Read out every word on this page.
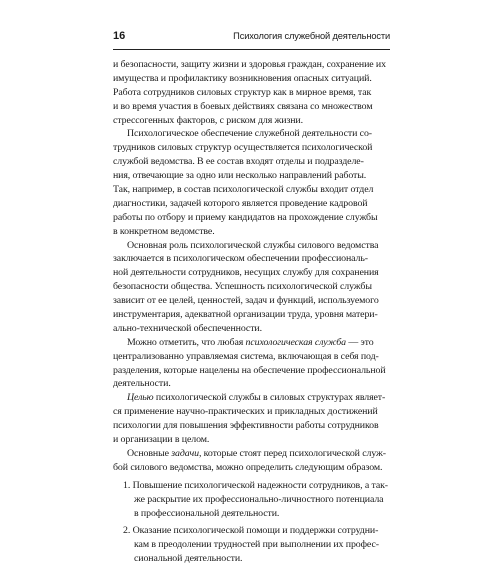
16	Психология служебной деятельности
и безопасности, защиту жизни и здоровья граждан, сохранение их
имущества и профилактику возникновения опасных ситуаций.
Работа сотрудников силовых структур как в мирное время, так
и во время участия в боевых действиях связана со множеством
стрессогенных факторов, с риском для жизни.
Психологическое обеспечение служебной деятельности со-
трудников силовых структур осуществляется психологической
службой ведомства. В ее состав входят отделы и подразделе-
ния, отвечающие за одно или несколько направлений работы.
Так, например, в состав психологической службы входит отдел
диагностики, задачей которого является проведение кадровой
работы по отбору и приему кандидатов на прохождение службы
в конкретном ведомстве.
Основная роль психологической службы силового ведомства
заключается в психологическом обеспечении профессиональ-
ной деятельности сотрудников, несущих службу для сохранения
безопасности общества. Успешность психологической службы
зависит от ее целей, ценностей, задач и функций, используемого
инструментария, адекватной организации труда, уровня матери-
ально-технической обеспеченности.
Можно отметить, что любая психологическая служба — это
централизованно управляемая система, включающая в себя под-
разделения, которые нацелены на обеспечение профессиональной
деятельности.
Целью психологической службы в силовых структурах являет-
ся применение научно-практических и прикладных достижений
психологии для повышения эффективности работы сотрудников
и организации в целом.
Основные задачи, которые стоят перед психологической служ-
бой силового ведомства, можно определить следующим образом.
1. Повышение психологической надежности сотрудников, а так-
же раскрытие их профессионально-личностного потенциала
в профессиональной деятельности.
2. Оказание психологической помощи и поддержки сотрудни-
кам в преодолении трудностей при выполнении их профес-
сиональной деятельности.
